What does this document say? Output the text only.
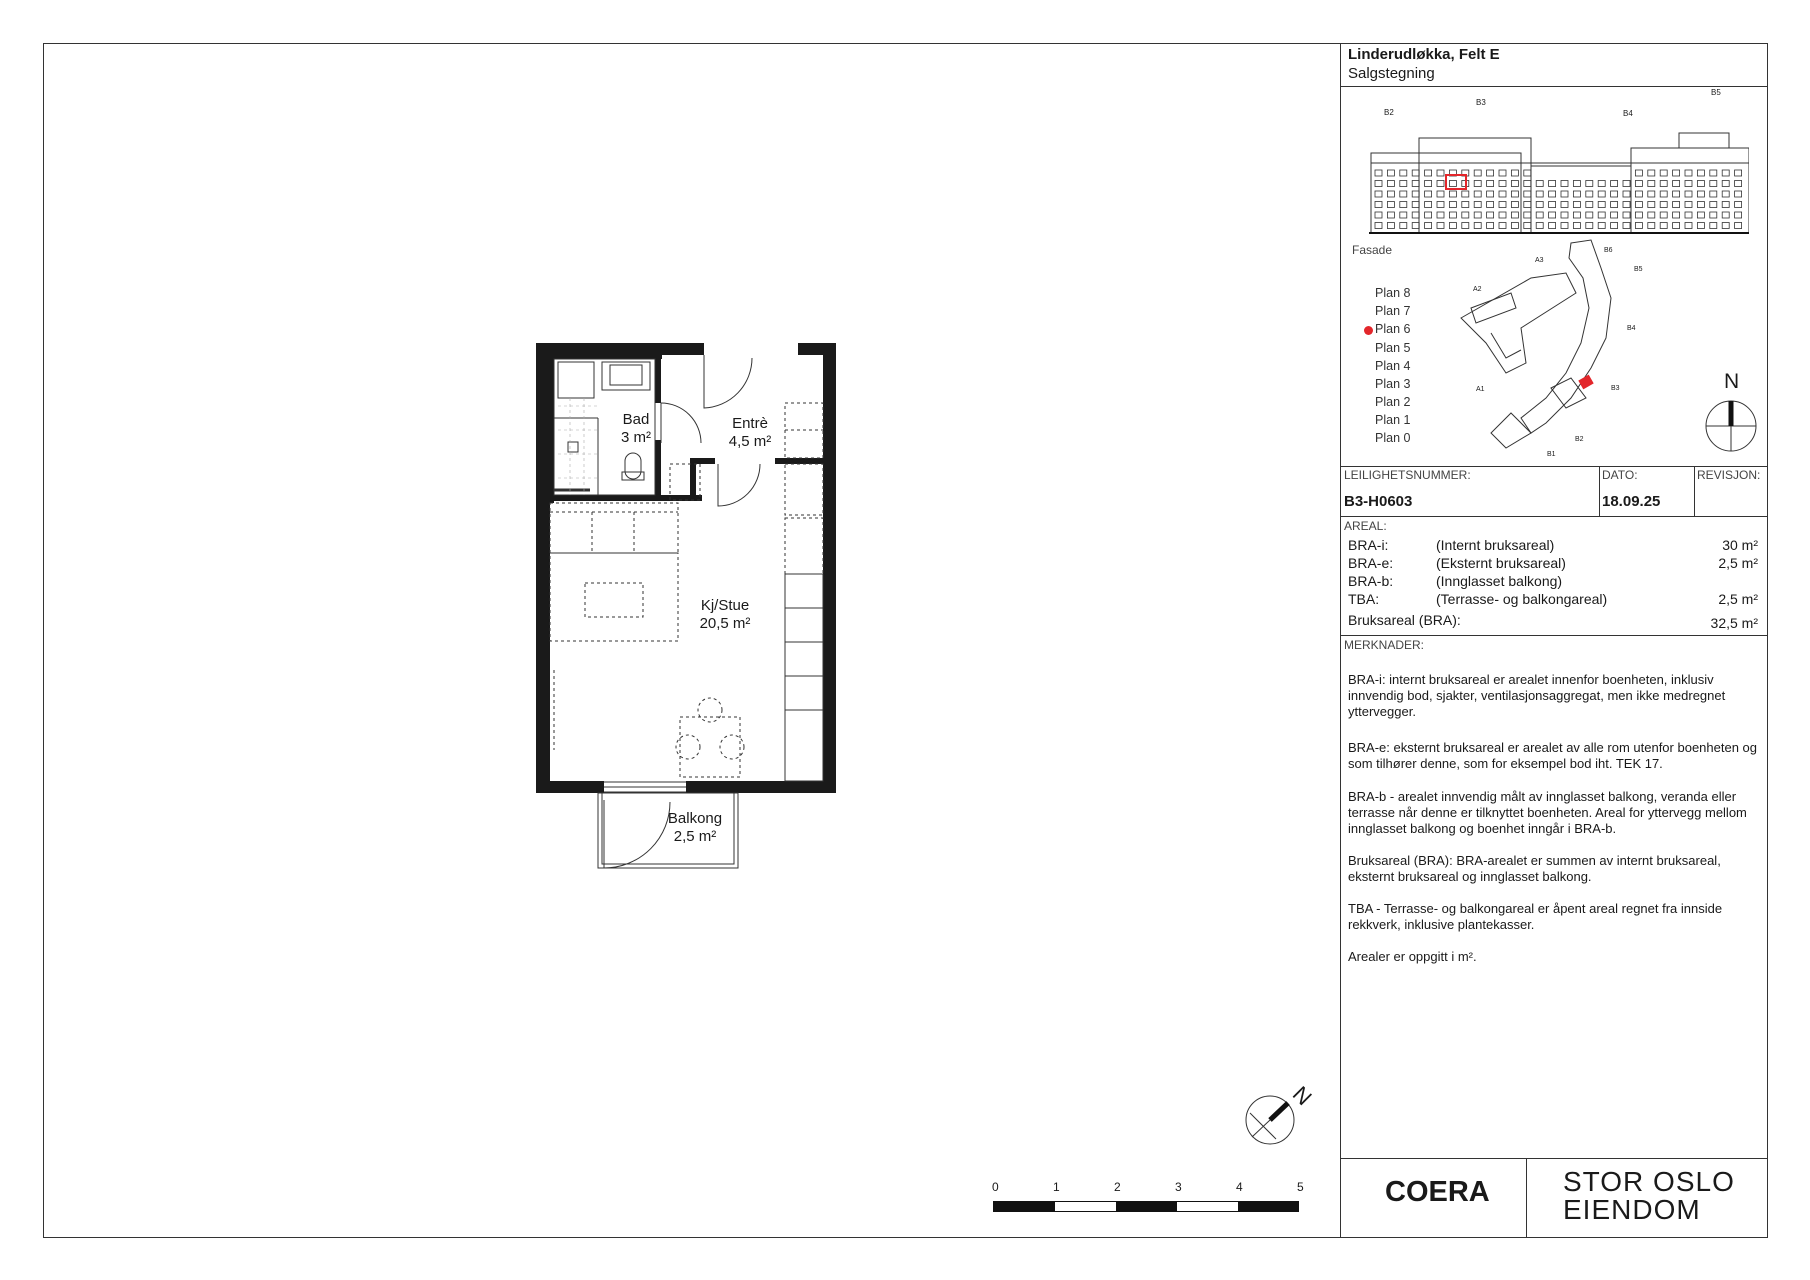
Bad
3 m²
Entrè
4,5 m²
Kj/Stue
20,5 m²
Balkong
2,5 m²
N
0	1	2	3	4	5
Linderudløkka, Felt E
Salgstegning
B2
B3
B4
B5
Fasade
A1
A2
A3
B1
B2
B3
B4
B5
B6
N
Plan 8
Plan 7
Plan 6
Plan 5
Plan 4
Plan 3
Plan 2
Plan 1
Plan 0
LEILIGHETSNUMMER:
B3-H0603
DATO:
18.09.25
REVISJON:
AREAL:
BRA-i:	(Internt bruksareal)	30 m²
BRA-e:	(Eksternt bruksareal)	2,5 m²
BRA-b:	(Innglasset balkong)
TBA:	(Terrasse- og balkongareal)	2,5 m²
Bruksareal (BRA):	32,5 m²
MERKNADER:
BRA-i: internt bruksareal er arealet innenfor boenheten, inklusiv innvendig bod, sjakter, ventilasjonsaggregat, men ikke medregnet yttervegger.
BRA-e: eksternt bruksareal er arealet av alle rom utenfor boenheten og som tilhører denne, som for eksempel bod iht. TEK 17.
BRA-b - arealet innvendig målt av innglasset balkong, veranda eller terrasse når denne er tilknyttet boenheten. Areal for yttervegg mellom innglasset balkong og boenhet inngår i BRA-b.
Bruksareal (BRA): BRA-arealet er summen av internt bruksareal, eksternt bruksareal og innglasset balkong.
TBA - Terrasse- og balkongareal er åpent areal regnet fra innside rekkverk, inklusive plantekasser.
Arealer er oppgitt i m².
COERA	STOR OSLO
EIENDOM
